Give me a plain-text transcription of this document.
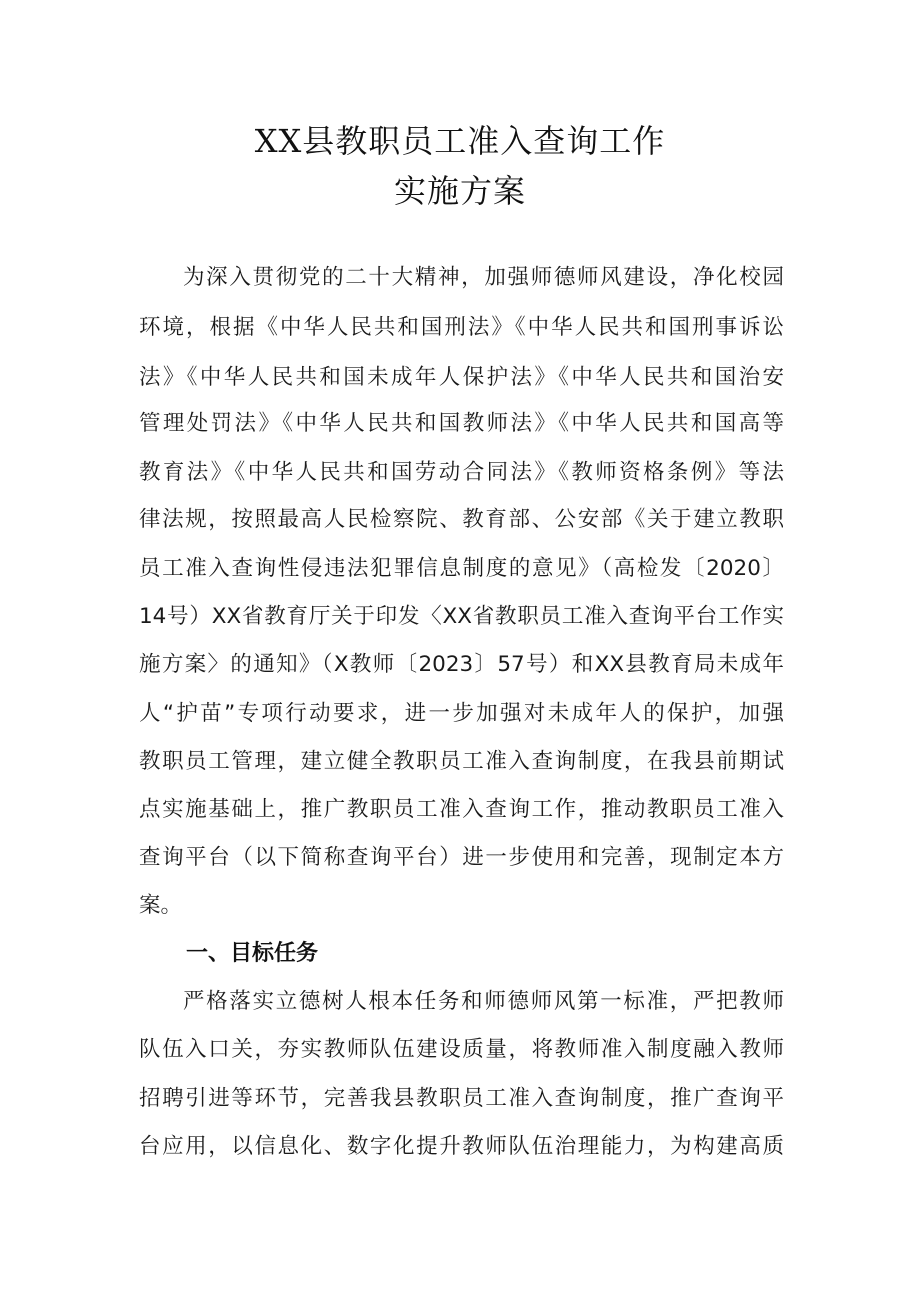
XX县教职员工准入查询工作
实施方案
为深入贯彻党的二十大精神，加强师德师风建设，净化校园
环境，根据《中华人民共和国刑法》《中华人民共和国刑事诉讼
法》《中华人民共和国未成年人保护法》《中华人民共和国治安
管理处罚法》《中华人民共和国教师法》《中华人民共和国高等
教育法》《中华人民共和国劳动合同法》《教师资格条例》等法
律法规，按照最高人民检察院、教育部、公安部《关于建立教职
员工准入查询性侵违法犯罪信息制度的意见》（高检发〔2020〕
14号）XX省教育厅关于印发〈XX省教职员工准入查询平台工作实
施方案〉的通知》（X教师〔2023〕57号）和XX县教育局未成年
人“护苗”专项行动要求，进一步加强对未成年人的保护，加强
教职员工管理，建立健全教职员工准入查询制度，在我县前期试
点实施基础上，推广教职员工准入查询工作，推动教职员工准入
查询平台（以下简称查询平台）进一步使用和完善，现制定本方
案。
一、目标任务
严格落实立德树人根本任务和师德师风第一标准，严把教师
队伍入口关，夯实教师队伍建设质量，将教师准入制度融入教师
招聘引进等环节，完善我县教职员工准入查询制度，推广查询平
台应用，以信息化、数字化提升教师队伍治理能力，为构建高质
